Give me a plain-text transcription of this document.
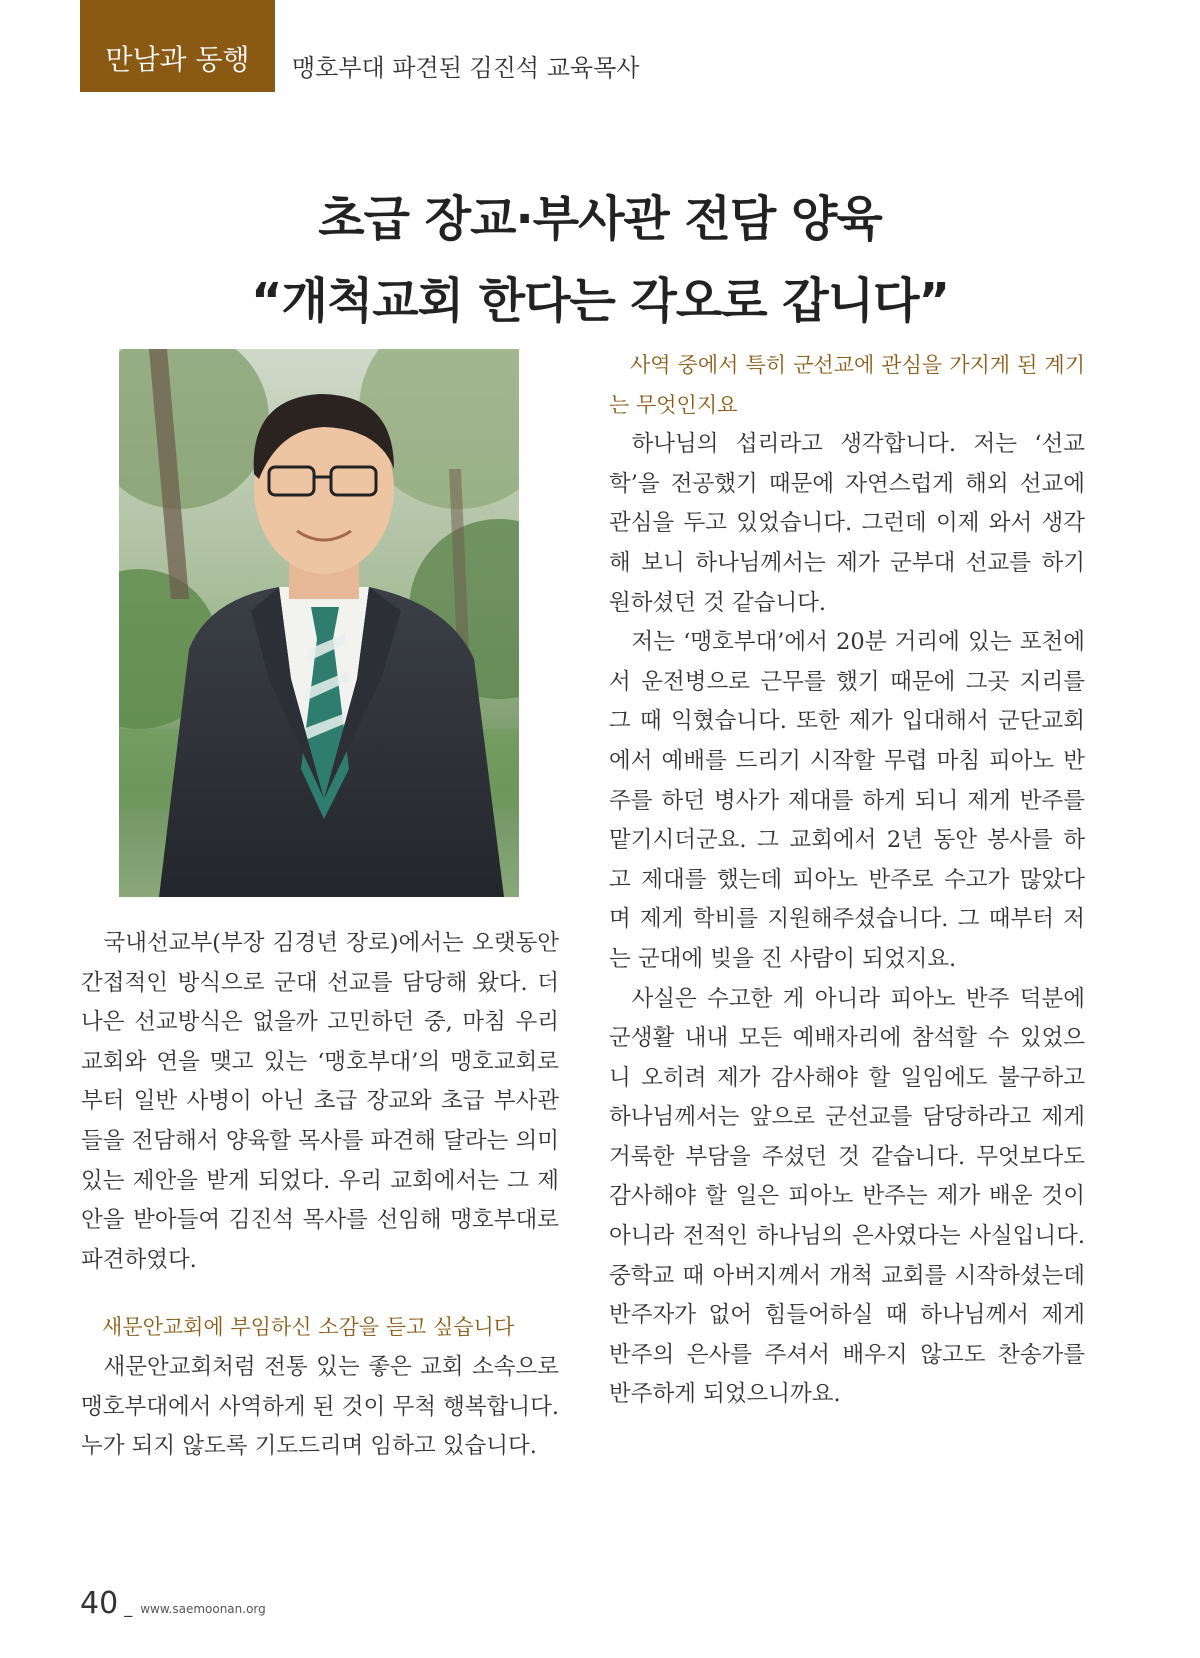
만남과 동행	맹호부대 파견된 김진석 교육목사
초급 장교·부사관 전담 양육
“개척교회 한다는 각오로 갑니다”

국내선교부(부장 김경년 장로)에서는 오랫동안 간접적인 방식으로 군대 선교를 담당해 왔다. 더 나은 선교방식은 없을까 고민하던 중, 마침 우리 교회와 연을 맺고 있는 ‘맹호부대’의 맹호교회로부터 일반 사병이 아닌 초급 장교와 초급 부사관들을 전담해서 양육할 목사를 파견해 달라는 의미 있는 제안을 받게 되었다. 우리 교회에서는 그 제안을 받아들여 김진석 목사를 선임해 맹호부대로 파견하였다.

새문안교회에 부임하신 소감을 듣고 싶습니다

새문안교회처럼 전통 있는 좋은 교회 소속으로 맹호부대에서 사역하게 된 것이 무척 행복합니다. 누가 되지 않도록 기도드리며 임하고 있습니다.

사역 중에서 특히 군선교에 관심을 가지게 된 계기는 무엇인지요

하나님의 섭리라고 생각합니다. 저는 ‘선교학’을 전공했기 때문에 자연스럽게 해외 선교에 관심을 두고 있었습니다. 그런데 이제 와서 생각해 보니 하나님께서는 제가 군부대 선교를 하기 원하셨던 것 같습니다.

저는 ‘맹호부대’에서 20분 거리에 있는 포천에서 운전병으로 근무를 했기 때문에 그곳 지리를 그 때 익혔습니다. 또한 제가 입대해서 군단교회에서 예배를 드리기 시작할 무렵 마침 피아노 반주를 하던 병사가 제대를 하게 되니 제게 반주를 맡기시더군요. 그 교회에서 2년 동안 봉사를 하고 제대를 했는데 피아노 반주로 수고가 많았다며 제게 학비를 지원해주셨습니다. 그 때부터 저는 군대에 빚을 진 사람이 되었지요.

사실은 수고한 게 아니라 피아노 반주 덕분에 군생활 내내 모든 예배자리에 참석할 수 있었으니 오히려 제가 감사해야 할 일임에도 불구하고 하나님께서는 앞으로 군선교를 담당하라고 제게 거룩한 부담을 주셨던 것 같습니다. 무엇보다도 감사해야 할 일은 피아노 반주는 제가 배운 것이 아니라 전적인 하나님의 은사였다는 사실입니다. 중학교 때 아버지께서 개척 교회를 시작하셨는데 반주자가 없어 힘들어하실 때 하나님께서 제게 반주의 은사를 주셔서 배우지 않고도 찬송가를 반주하게 되었으니까요.

40 _ www.saemoonan.org
